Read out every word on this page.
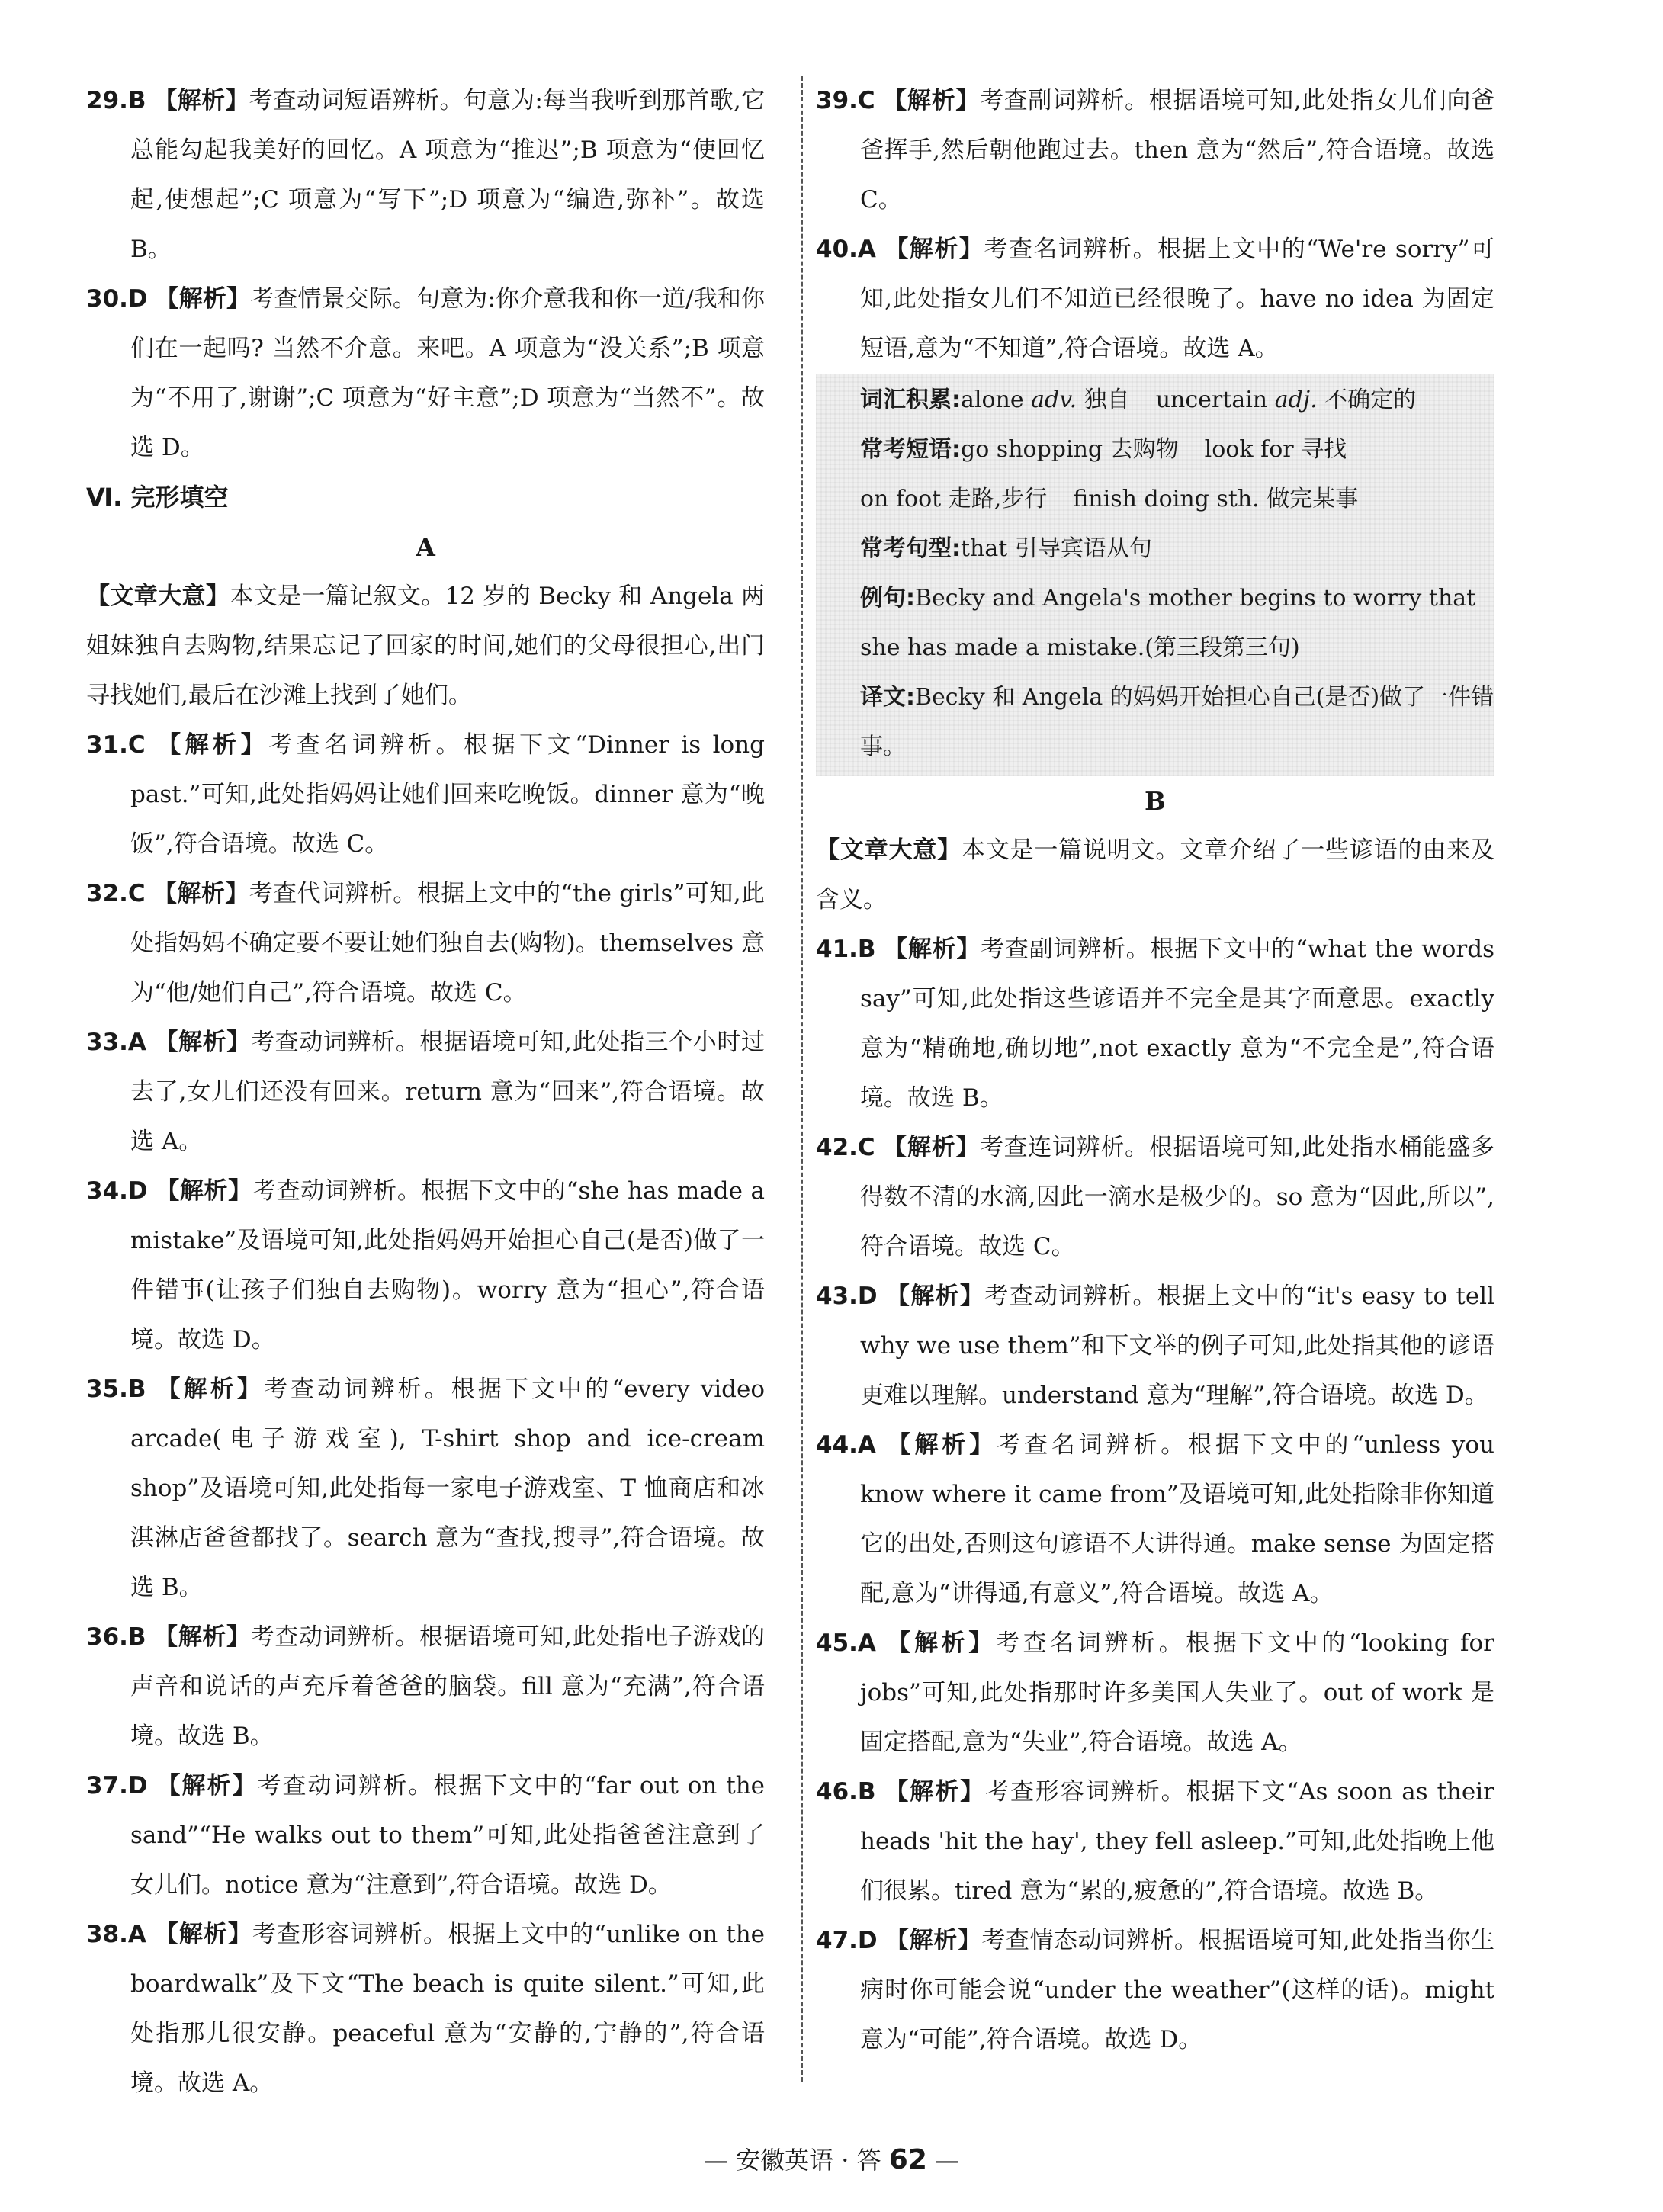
29.B 【解析】考查动词短语辨析。句意为:每当我听到那首歌,它总能勾起我美好的回忆。A 项意为“推迟”;B 项意为“使回忆起,使想起”;C 项意为“写下”;D 项意为“编造,弥补”。故选 B。

30.D 【解析】考查情景交际。句意为:你介意我和你一道/我和你们在一起吗? 当然不介意。来吧。A 项意为“没关系”;B 项意为“不用了,谢谢”;C 项意为“好主意”;D 项意为“当然不”。故选 D。

Ⅵ. 完形填空

A

【文章大意】本文是一篇记叙文。12 岁的 Becky 和 Angela 两姐妹独自去购物,结果忘记了回家的时间,她们的父母很担心,出门寻找她们,最后在沙滩上找到了她们。

31.C 【解析】考查名词辨析。根据下文“Dinner is long past.”可知,此处指妈妈让她们回来吃晚饭。dinner 意为“晚饭”,符合语境。故选 C。

32.C 【解析】考查代词辨析。根据上文中的“the girls”可知,此处指妈妈不确定要不要让她们独自去(购物)。themselves 意为“他/她们自己”,符合语境。故选 C。

33.A 【解析】考查动词辨析。根据语境可知,此处指三个小时过去了,女儿们还没有回来。return 意为“回来”,符合语境。故选 A。

34.D 【解析】考查动词辨析。根据下文中的“she has made a mistake”及语境可知,此处指妈妈开始担心自己(是否)做了一件错事(让孩子们独自去购物)。worry 意为“担心”,符合语境。故选 D。

35.B 【解析】考查动词辨析。根据下文中的“every video arcade(电子游戏室), T-shirt shop and ice-cream shop”及语境可知,此处指每一家电子游戏室、T 恤商店和冰淇淋店爸爸都找了。search 意为“查找,搜寻”,符合语境。故选 B。

36.B 【解析】考查动词辨析。根据语境可知,此处指电子游戏的声音和说话的声充斥着爸爸的脑袋。fill 意为“充满”,符合语境。故选 B。

37.D 【解析】考查动词辨析。根据下文中的“far out on the sand”“He walks out to them”可知,此处指爸爸注意到了女儿们。notice 意为“注意到”,符合语境。故选 D。

38.A 【解析】考查形容词辨析。根据上文中的“unlike on the boardwalk”及下文“The beach is quite silent.”可知,此处指那儿很安静。peaceful 意为“安静的,宁静的”,符合语境。故选 A。

39.C 【解析】考查副词辨析。根据语境可知,此处指女儿们向爸爸挥手,然后朝他跑过去。then 意为“然后”,符合语境。故选 C。

40.A 【解析】考查名词辨析。根据上文中的“We're sorry”可知,此处指女儿们不知道已经很晚了。have no idea 为固定短语,意为“不知道”,符合语境。故选 A。

词汇积累:alone adv. 独自 uncertain adj. 不确定的

常考短语:go shopping 去购物 look for 寻找

on foot 走路,步行 finish doing sth. 做完某事

常考句型:that 引导宾语从句

例句:Becky and Angela's mother begins to worry that she has made a mistake.(第三段第三句)

译文:Becky 和 Angela 的妈妈开始担心自己(是否)做了一件错事。

B

【文章大意】本文是一篇说明文。文章介绍了一些谚语的由来及含义。

41.B 【解析】考查副词辨析。根据下文中的“what the words say”可知,此处指这些谚语并不完全是其字面意思。exactly 意为“精确地,确切地”,not exactly 意为“不完全是”,符合语境。故选 B。

42.C 【解析】考查连词辨析。根据语境可知,此处指水桶能盛多得数不清的水滴,因此一滴水是极少的。so 意为“因此,所以”,符合语境。故选 C。

43.D 【解析】考查动词辨析。根据上文中的“it's easy to tell why we use them”和下文举的例子可知,此处指其他的谚语更难以理解。understand 意为“理解”,符合语境。故选 D。

44.A 【解析】考查名词辨析。根据下文中的“unless you know where it came from”及语境可知,此处指除非你知道它的出处,否则这句谚语不大讲得通。make sense 为固定搭配,意为“讲得通,有意义”,符合语境。故选 A。

45.A 【解析】考查名词辨析。根据下文中的“looking for jobs”可知,此处指那时许多美国人失业了。out of work 是固定搭配,意为“失业”,符合语境。故选 A。

46.B 【解析】考查形容词辨析。根据下文“As soon as their heads 'hit the hay', they fell asleep.”可知,此处指晚上他们很累。tired 意为“累的,疲惫的”,符合语境。故选 B。

47.D 【解析】考查情态动词辨析。根据语境可知,此处指当你生病时你可能会说“under the weather”(这样的话)。might 意为“可能”,符合语境。故选 D。

— 安徽英语 · 答 62 —
